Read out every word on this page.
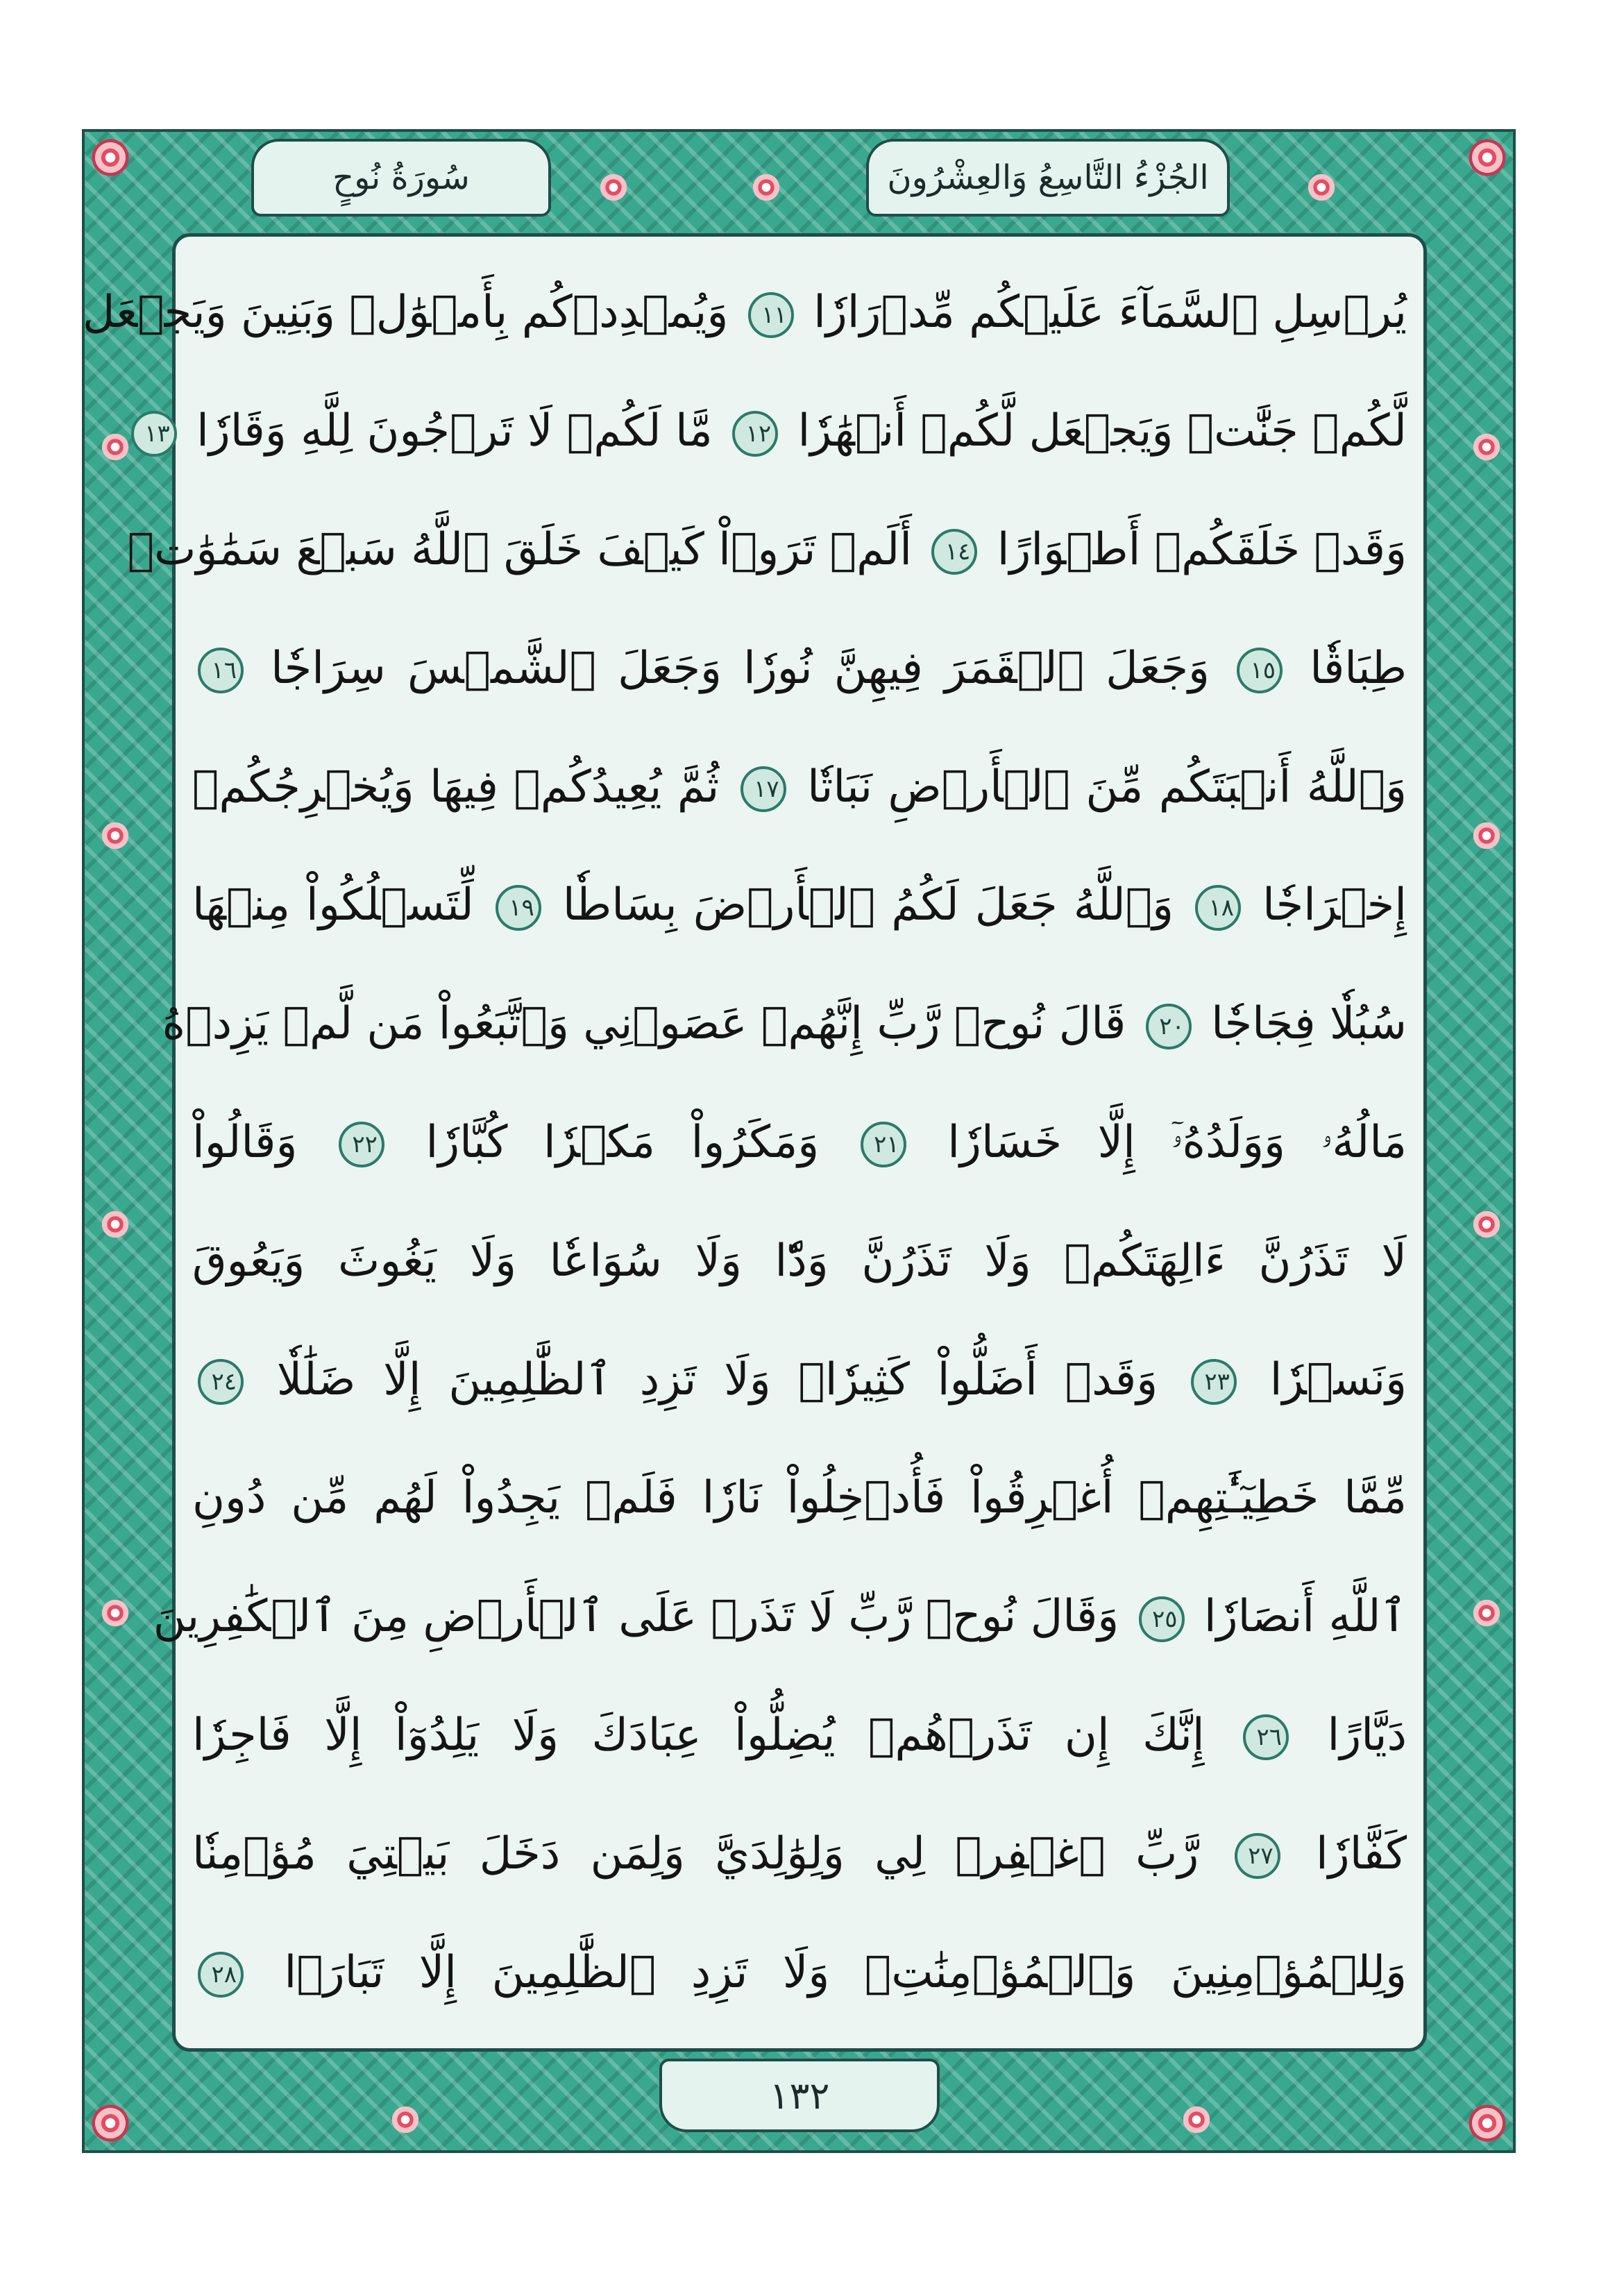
الجُزْءُ التَّاسِعُ وَالعِشْرُونَ
سُورَةُ نُوحٍ
يُرۡسِلِ ٱلسَّمَآءَ عَلَيۡكُم مِّدۡرَارٗا ١١ وَيُمۡدِدۡكُم بِأَمۡوَٰلٖ وَبَنِينَ وَيَجۡعَل
لَّكُمۡ جَنَّٰتٖ وَيَجۡعَل لَّكُمۡ أَنۡهَٰرٗا ١٢ مَّا لَكُمۡ لَا تَرۡجُونَ لِلَّهِ وَقَارٗا ١٣
وَقَدۡ خَلَقَكُمۡ أَطۡوَارًا ١٤ أَلَمۡ تَرَوۡاْ كَيۡفَ خَلَقَ ٱللَّهُ سَبۡعَ سَمَٰوَٰتٖ
طِبَاقٗا ١٥ وَجَعَلَ ٱلۡقَمَرَ فِيهِنَّ نُورٗا وَجَعَلَ ٱلشَّمۡسَ سِرَاجٗا ١٦
وَٱللَّهُ أَنۢبَتَكُم مِّنَ ٱلۡأَرۡضِ نَبَاتٗا ١٧ ثُمَّ يُعِيدُكُمۡ فِيهَا وَيُخۡرِجُكُمۡ
إِخۡرَاجٗا ١٨ وَٱللَّهُ جَعَلَ لَكُمُ ٱلۡأَرۡضَ بِسَاطٗا ١٩ لِّتَسۡلُكُواْ مِنۡهَا
سُبُلٗا فِجَاجٗا ٢٠ قَالَ نُوحٞ رَّبِّ إِنَّهُمۡ عَصَوۡنِي وَٱتَّبَعُواْ مَن لَّمۡ يَزِدۡهُ
مَالُهُۥ وَوَلَدُهُۥٓ إِلَّا خَسَارٗا ٢١ وَمَكَرُواْ مَكۡرٗا كُبَّارٗا ٢٢ وَقَالُواْ
لَا تَذَرُنَّ ءَالِهَتَكُمۡ وَلَا تَذَرُنَّ وَدّٗا وَلَا سُوَاعٗا وَلَا يَغُوثَ وَيَعُوقَ
وَنَسۡرٗا ٢٣ وَقَدۡ أَضَلُّواْ كَثِيرٗاۖ وَلَا تَزِدِ ٱلظَّٰلِمِينَ إِلَّا ضَلَٰلٗا ٢٤
مِّمَّا خَطِيٓـَٰٔتِهِمۡ أُغۡرِقُواْ فَأُدۡخِلُواْ نَارٗا فَلَمۡ يَجِدُواْ لَهُم مِّن دُونِ
ٱللَّهِ أَنصَارٗا ٢٥ وَقَالَ نُوحٞ رَّبِّ لَا تَذَرۡ عَلَى ٱلۡأَرۡضِ مِنَ ٱلۡكَٰفِرِينَ
دَيَّارًا ٢٦ إِنَّكَ إِن تَذَرۡهُمۡ يُضِلُّواْ عِبَادَكَ وَلَا يَلِدُوٓاْ إِلَّا فَاجِرٗا
كَفَّارٗا ٢٧ رَّبِّ ٱغۡفِرۡ لِي وَلِوَٰلِدَيَّ وَلِمَن دَخَلَ بَيۡتِيَ مُؤۡمِنٗا
وَلِلۡمُؤۡمِنِينَ وَٱلۡمُؤۡمِنَٰتِۖ وَلَا تَزِدِ ٱلظَّٰلِمِينَ إِلَّا تَبَارَۢا ٢٨
١٣٢
